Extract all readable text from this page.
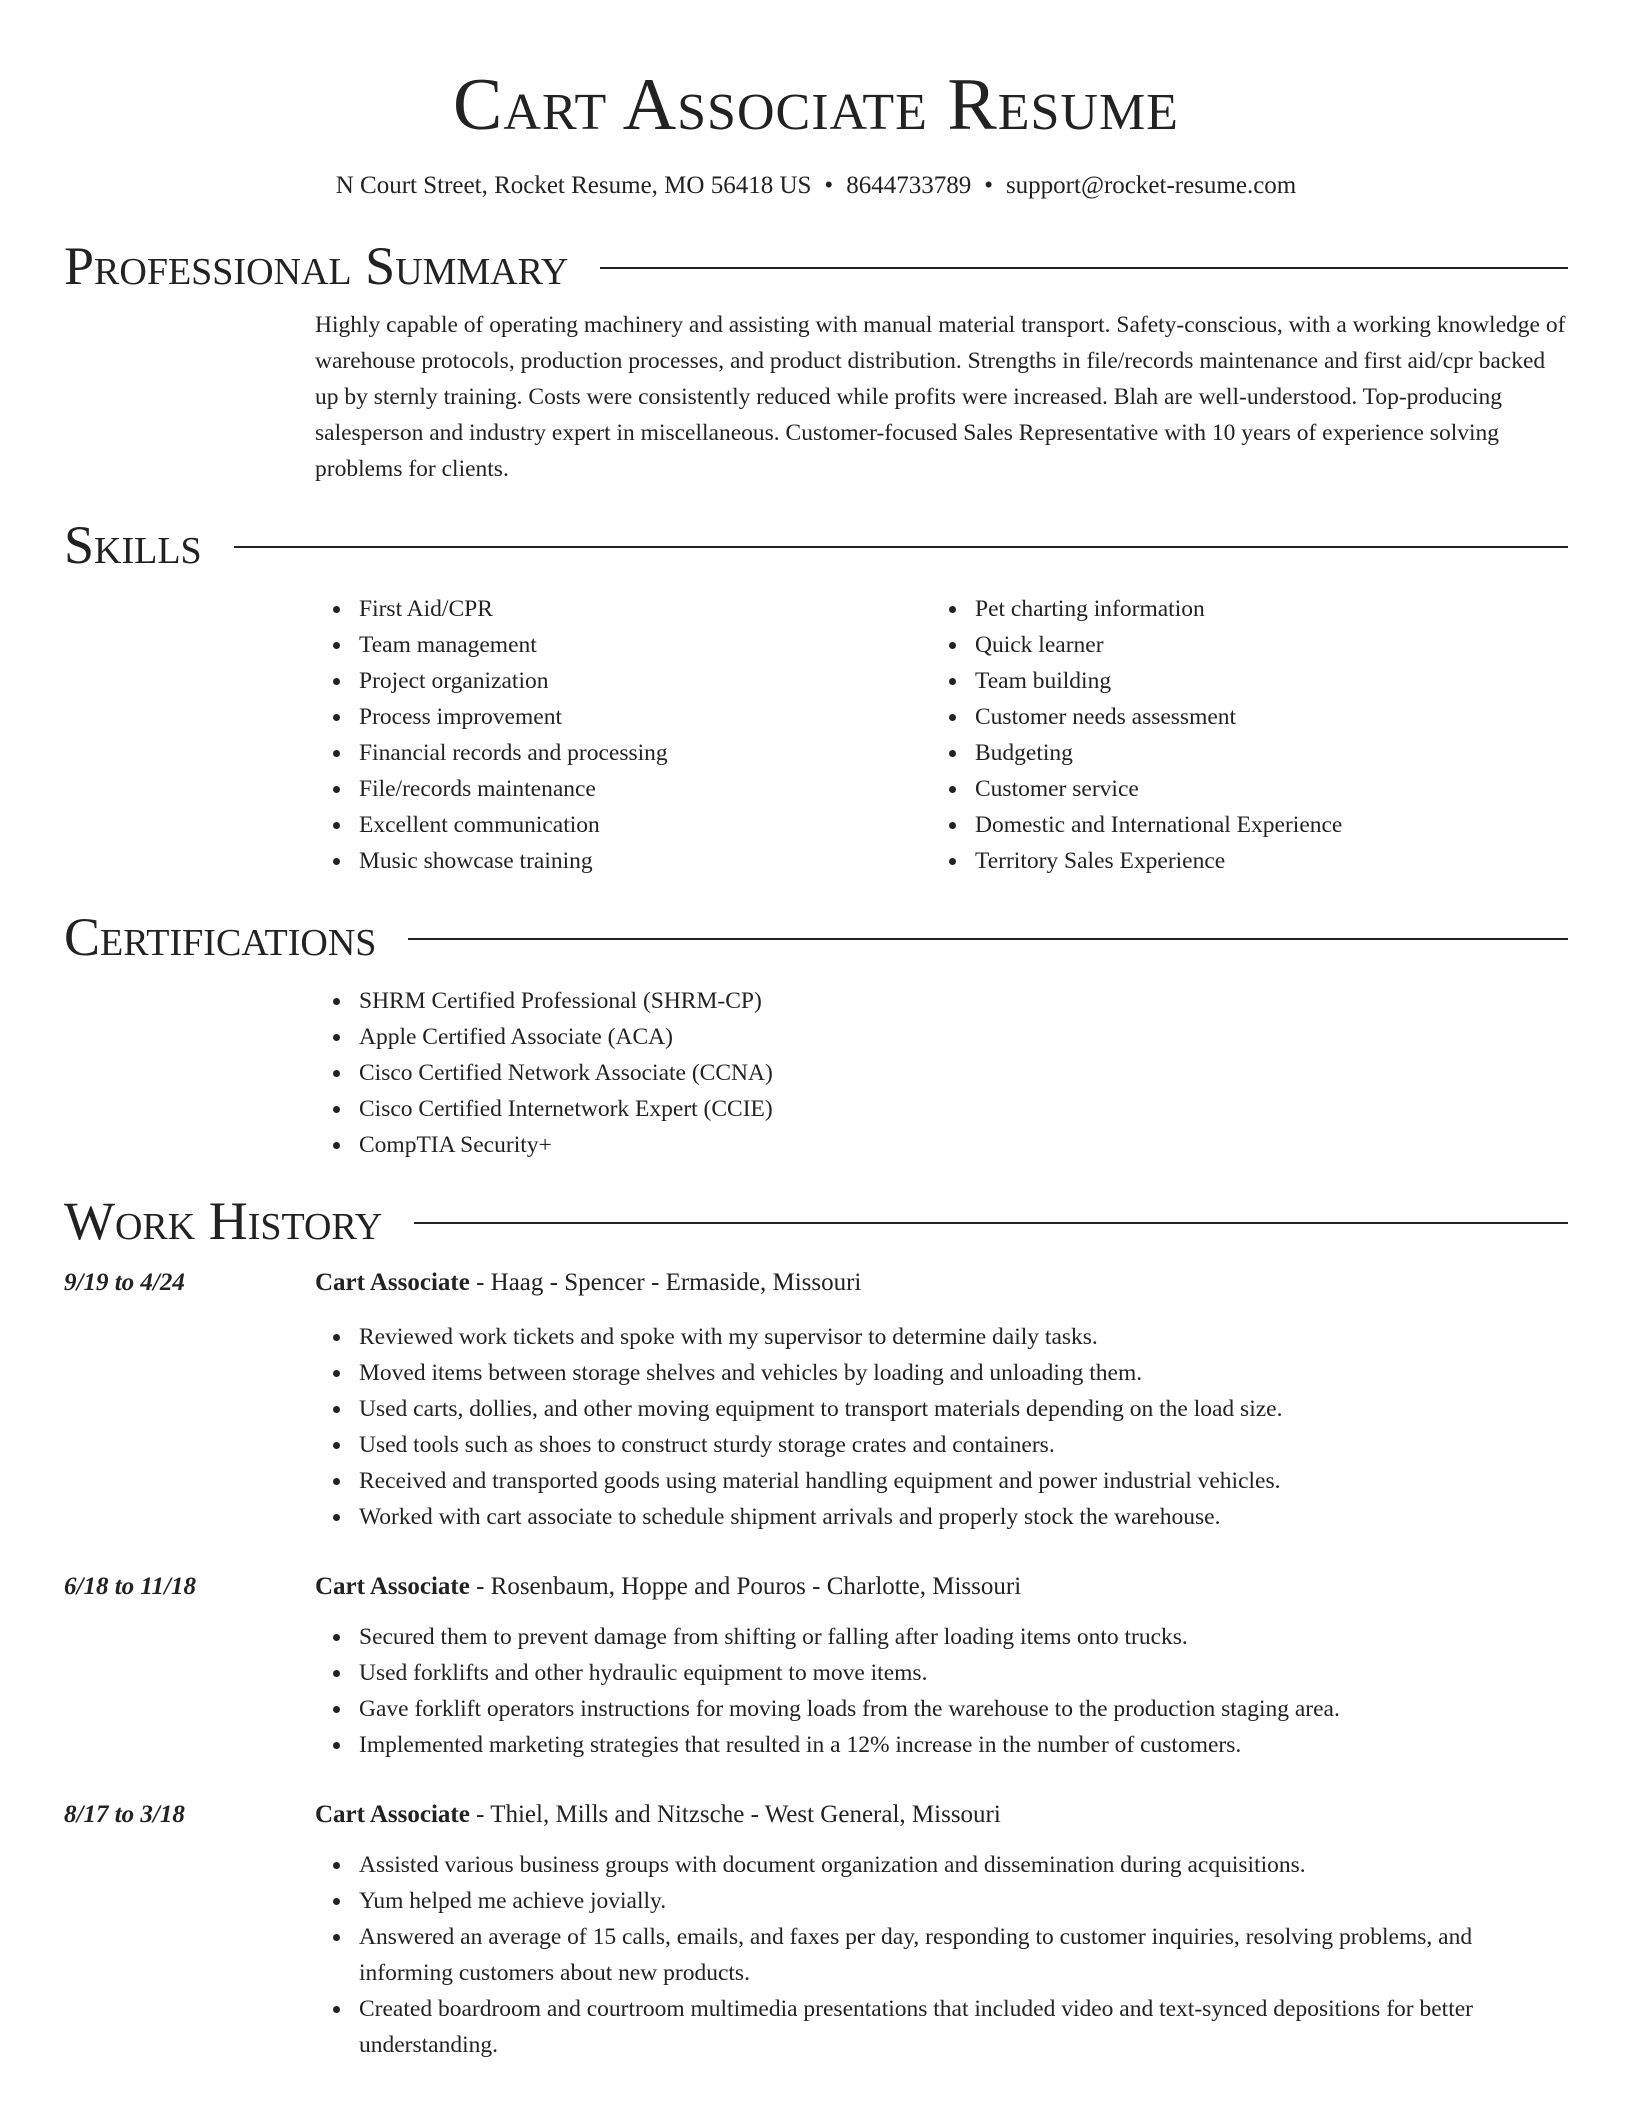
Cart Associate Resume
N Court Street, Rocket Resume, MO 56418 US • 8644733789 • support@rocket-resume.com
Professional Summary

Highly capable of operating machinery and assisting with manual material transport. Safety-conscious, with a working knowledge of warehouse protocols, production processes, and product distribution. Strengths in file/records maintenance and first aid/cpr backed up by sternly training. Costs were consistently reduced while profits were increased. Blah are well-understood. Top-producing salesperson and industry expert in miscellaneous. Customer-focused Sales Representative with 10 years of experience solving problems for clients.

Skills
First Aid/CPR
Team management
Project organization
Process improvement
Financial records and processing
File/records maintenance
Excellent communication
Music showcase training
Pet charting information
Quick learner
Team building
Customer needs assessment
Budgeting
Customer service
Domestic and International Experience
Territory Sales Experience
Certifications
SHRM Certified Professional (SHRM-CP)
Apple Certified Associate (ACA)
Cisco Certified Network Associate (CCNA)
Cisco Certified Internetwork Expert (CCIE)
CompTIA Security+
Work History
9/19 to 4/24	Cart Associate - Haag - Spencer - Ermaside, Missouri
Reviewed work tickets and spoke with my supervisor to determine daily tasks.
Moved items between storage shelves and vehicles by loading and unloading them.
Used carts, dollies, and other moving equipment to transport materials depending on the load size.
Used tools such as shoes to construct sturdy storage crates and containers.
Received and transported goods using material handling equipment and power industrial vehicles.
Worked with cart associate to schedule shipment arrivals and properly stock the warehouse.
6/18 to 11/18	Cart Associate - Rosenbaum, Hoppe and Pouros - Charlotte, Missouri
Secured them to prevent damage from shifting or falling after loading items onto trucks.
Used forklifts and other hydraulic equipment to move items.
Gave forklift operators instructions for moving loads from the warehouse to the production staging area.
Implemented marketing strategies that resulted in a 12% increase in the number of customers.
8/17 to 3/18	Cart Associate - Thiel, Mills and Nitzsche - West General, Missouri
Assisted various business groups with document organization and dissemination during acquisitions.
Yum helped me achieve jovially.
Answered an average of 15 calls, emails, and faxes per day, responding to customer inquiries, resolving problems, and informing customers about new products.
Created boardroom and courtroom multimedia presentations that included video and text-synced depositions for better understanding.
